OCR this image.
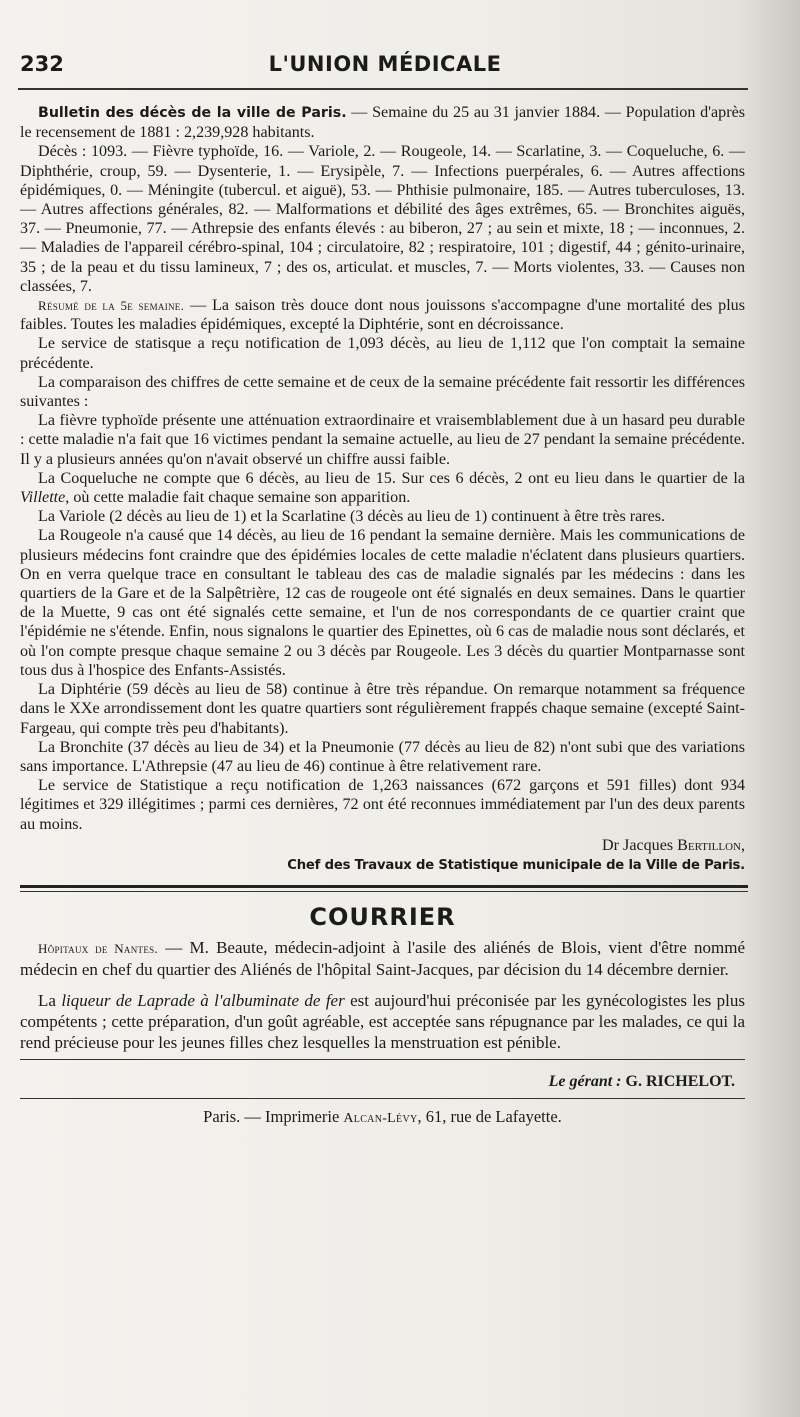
232	L'UNION MÉDICALE

Bulletin des décès de la ville de Paris. — Semaine du 25 au 31 janvier 1884. — Population d'après le recensement de 1881 : 2,239,928 habitants.

Décès : 1093. — Fièvre typhoïde, 16. — Variole, 2. — Rougeole, 14. — Scarlatine, 3. — Coqueluche, 6. — Diphthérie, croup, 59. — Dysenterie, 1. — Erysipèle, 7. — Infections puerpérales, 6. — Autres affections épidémiques, 0. — Méningite (tubercul. et aiguë), 53. — Phthisie pulmonaire, 185. — Autres tuberculoses, 13. — Autres affections générales, 82. — Malformations et débilité des âges extrêmes, 65. — Bronchites aiguës, 37. — Pneumonie, 77. — Athrepsie des enfants élevés : au biberon, 27 ; au sein et mixte, 18 ; — inconnues, 2. — Maladies de l'appareil cérébro-spinal, 104 ; circulatoire, 82 ; respiratoire, 101 ; digestif, 44 ; génito-urinaire, 35 ; de la peau et du tissu lamineux, 7 ; des os, articulat. et muscles, 7. — Morts violentes, 33. — Causes non classées, 7.

Résumé de la 5e semaine. — La saison très douce dont nous jouissons s'accompagne d'une mortalité des plus faibles. Toutes les maladies épidémiques, excepté la Diphtérie, sont en décroissance.

Le service de statisque a reçu notification de 1,093 décès, au lieu de 1,112 que l'on comptait la semaine précédente.

La comparaison des chiffres de cette semaine et de ceux de la semaine précédente fait ressortir les différences suivantes :

La fièvre typhoïde présente une atténuation extraordinaire et vraisemblablement due à un hasard peu durable : cette maladie n'a fait que 16 victimes pendant la semaine actuelle, au lieu de 27 pendant la semaine précédente. Il y a plusieurs années qu'on n'avait observé un chiffre aussi faible.

La Coqueluche ne compte que 6 décès, au lieu de 15. Sur ces 6 décès, 2 ont eu lieu dans le quartier de la Villette, où cette maladie fait chaque semaine son apparition.

La Variole (2 décès au lieu de 1) et la Scarlatine (3 décès au lieu de 1) continuent à être très rares.

La Rougeole n'a causé que 14 décès, au lieu de 16 pendant la semaine dernière. Mais les communications de plusieurs médecins font craindre que des épidémies locales de cette maladie n'éclatent dans plusieurs quartiers. On en verra quelque trace en consultant le tableau des cas de maladie signalés par les médecins : dans les quartiers de la Gare et de la Salpêtrière, 12 cas de rougeole ont été signalés en deux semaines. Dans le quartier de la Muette, 9 cas ont été signalés cette semaine, et l'un de nos correspondants de ce quartier craint que l'épidémie ne s'étende. Enfin, nous signalons le quartier des Epinettes, où 6 cas de maladie nous sont déclarés, et où l'on compte presque chaque semaine 2 ou 3 décès par Rougeole. Les 3 décès du quartier Montparnasse sont tous dus à l'hospice des Enfants-Assistés.

La Diphtérie (59 décès au lieu de 58) continue à être très répandue. On remarque notamment sa fréquence dans le XXe arrondissement dont les quatre quartiers sont régulièrement frappés chaque semaine (excepté Saint-Fargeau, qui compte très peu d'habitants).

La Bronchite (37 décès au lieu de 34) et la Pneumonie (77 décès au lieu de 82) n'ont subi que des variations sans importance. L'Athrepsie (47 au lieu de 46) continue à être relativement rare.

Le service de Statistique a reçu notification de 1,263 naissances (672 garçons et 591 filles) dont 934 légitimes et 329 illégitimes ; parmi ces dernières, 72 ont été reconnues immédiatement par l'un des deux parents au moins.

Dr Jacques Bertillon,

Chef des Travaux de Statistique municipale de la Ville de Paris.

COURRIER

Hôpitaux de Nantes. — M. Beaute, médecin-adjoint à l'asile des aliénés de Blois, vient d'être nommé médecin en chef du quartier des Aliénés de l'hôpital Saint-Jacques, par décision du 14 décembre dernier.

La liqueur de Laprade à l'albuminate de fer est aujourd'hui préconisée par les gynécologistes les plus compétents ; cette préparation, d'un goût agréable, est acceptée sans répugnance par les malades, ce qui la rend précieuse pour les jeunes filles chez lesquelles la menstruation est pénible.

Le gérant : G. RICHELOT.

Paris. — Imprimerie Alcan-Lévy, 61, rue de Lafayette.
